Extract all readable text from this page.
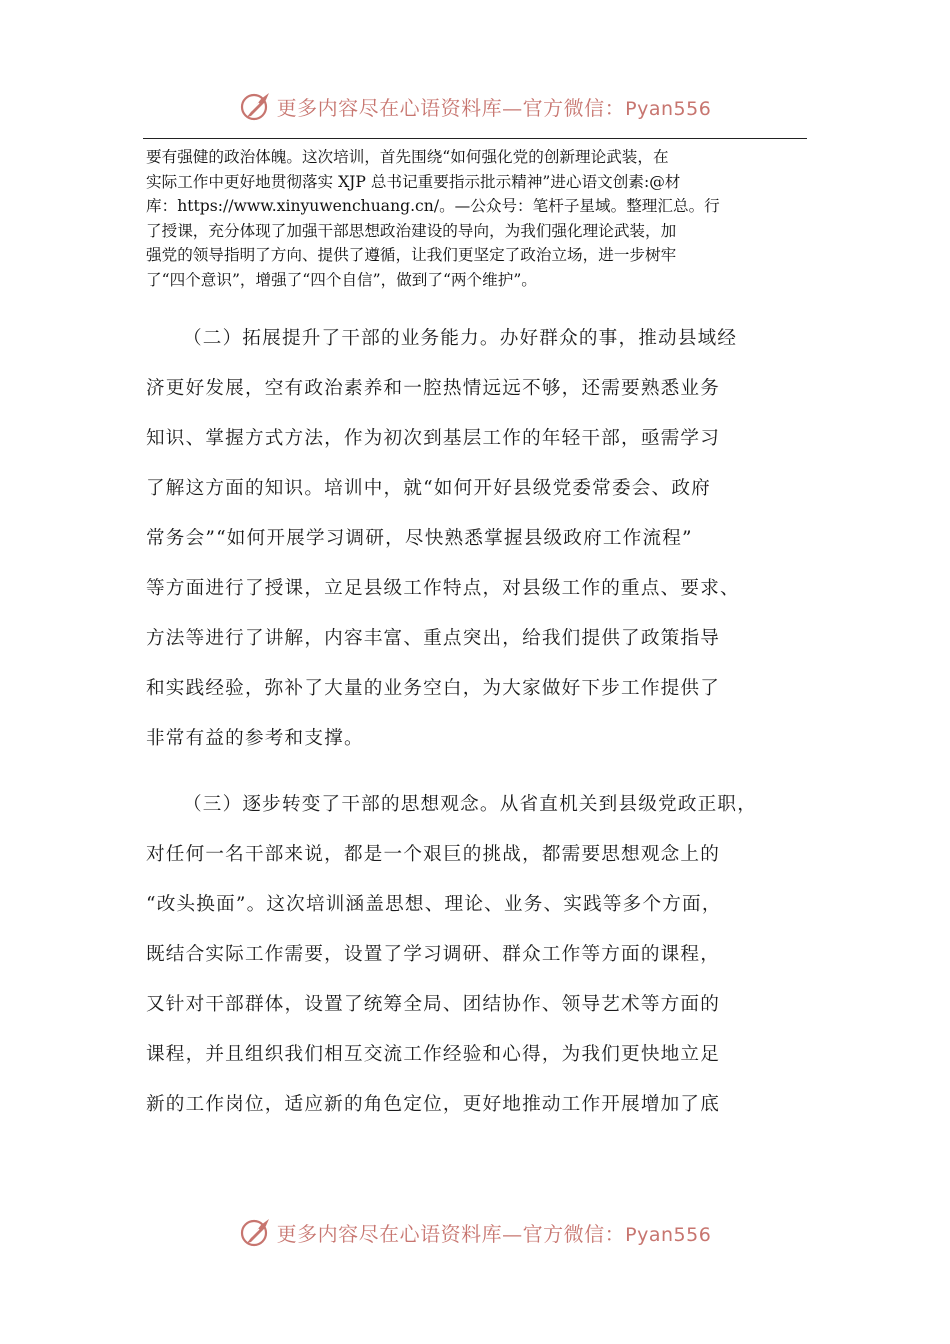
更多内容尽在心语资料库—官方微信：Pyan556

要有强健的政治体魄。这次培训，首先围绕“如何强化党的创新理论武装，在
实际工作中更好地贯彻落实 XJP 总书记重要指示批示精神”进心语文创素:@材
库：https://www.xinyuwenchuang.cn/。—公众号：笔杆子星域。整理汇总。行
了授课，充分体现了加强干部思想政治建设的导向，为我们强化理论武装，加
强党的领导指明了方向、提供了遵循，让我们更坚定了政治立场，进一步树牢
了“四个意识”，增强了“四个自信”，做到了“两个维护”。

（二）拓展提升了干部的业务能力。办好群众的事，推动县域经
济更好发展，空有政治素养和一腔热情远远不够，还需要熟悉业务
知识、掌握方式方法，作为初次到基层工作的年轻干部，亟需学习
了解这方面的知识。培训中，就“如何开好县级党委常委会、政府
常务会”“如何开展学习调研，尽快熟悉掌握县级政府工作流程”
等方面进行了授课，立足县级工作特点，对县级工作的重点、要求、
方法等进行了讲解，内容丰富、重点突出，给我们提供了政策指导
和实践经验，弥补了大量的业务空白，为大家做好下步工作提供了
非常有益的参考和支撑。

（三）逐步转变了干部的思想观念。从省直机关到县级党政正职，
对任何一名干部来说，都是一个艰巨的挑战，都需要思想观念上的
“改头换面”。这次培训涵盖思想、理论、业务、实践等多个方面，
既结合实际工作需要，设置了学习调研、群众工作等方面的课程，
又针对干部群体，设置了统筹全局、团结协作、领导艺术等方面的
课程，并且组织我们相互交流工作经验和心得，为我们更快地立足
新的工作岗位，适应新的角色定位，更好地推动工作开展增加了底

更多内容尽在心语资料库—官方微信：Pyan556
